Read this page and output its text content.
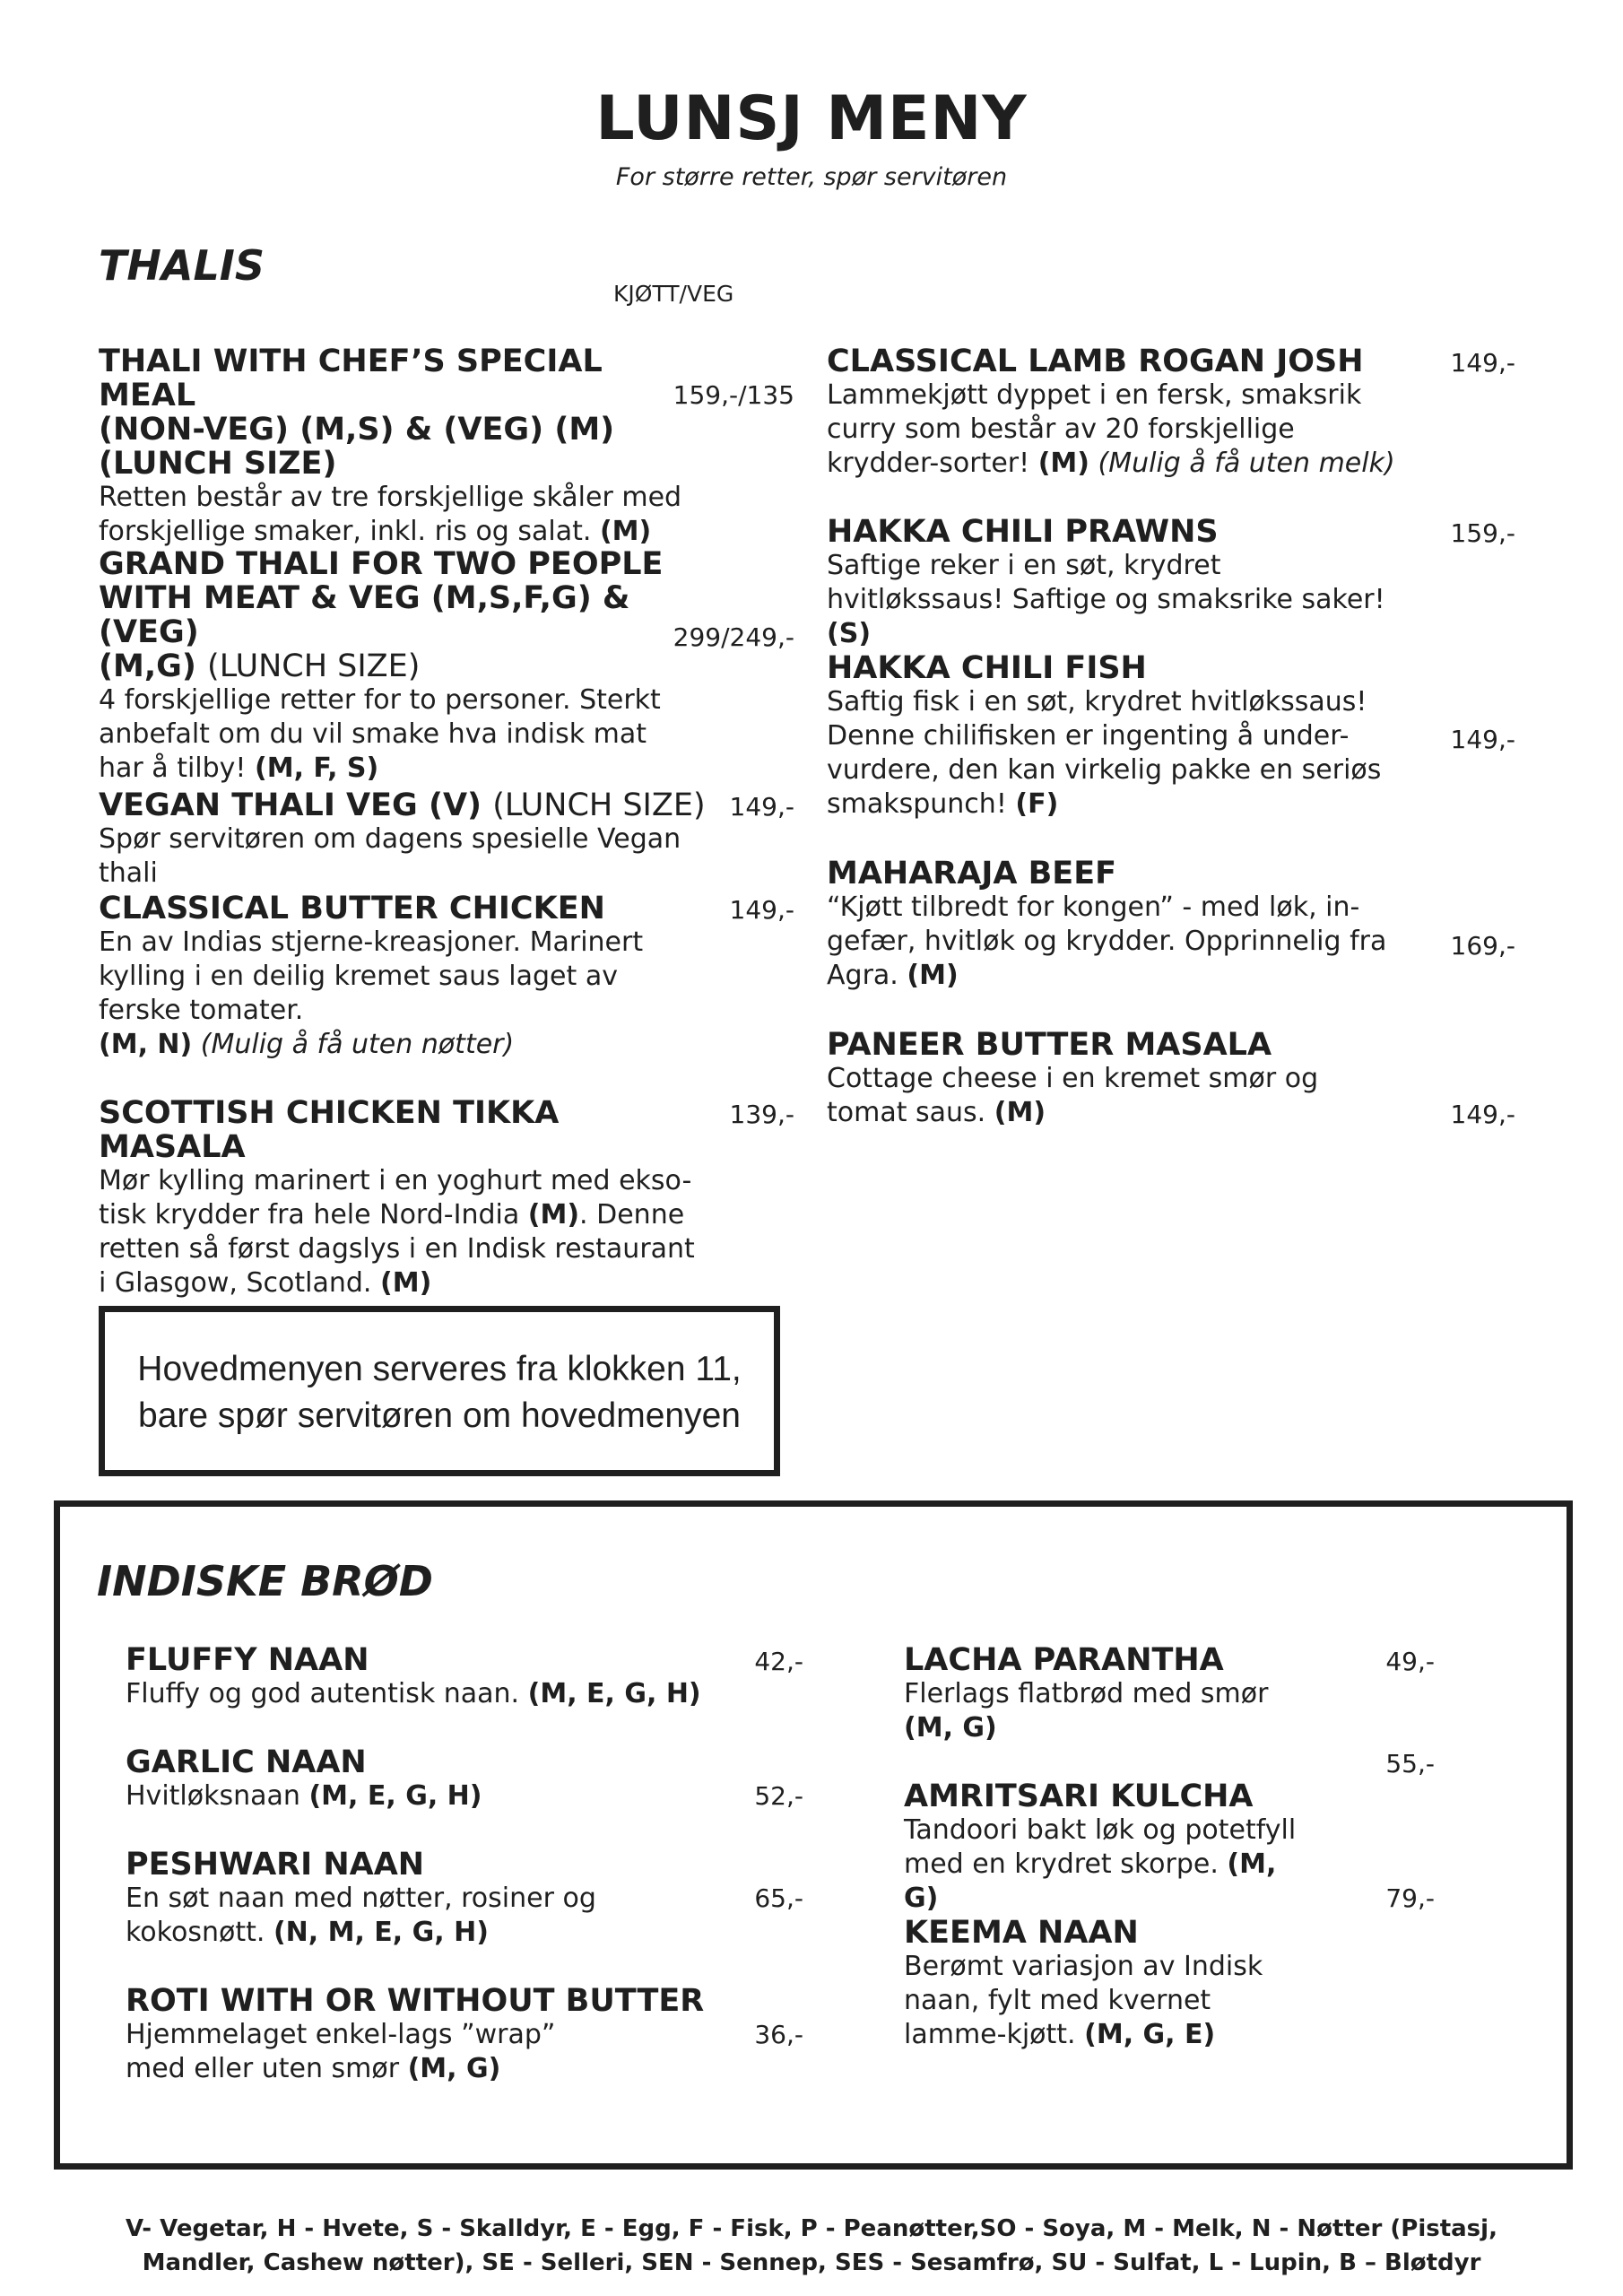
LUNSJ MENY
For større retter, spør servitøren
THALIS
KJØTT/VEG
THALI WITH CHEF’S SPECIAL MEAL
(NON-VEG) (M,S) & (VEG) (M)
(LUNCH SIZE)
Retten består av tre forskjellige skåler med forskjellige smaker, inkl. ris og salat. (M)
159,-/135
GRAND THALI FOR TWO PEOPLE
WITH MEAT & VEG (M,S,F,G) & (VEG)
(M,G) (LUNCH SIZE)
4 forskjellige retter for to personer. Sterkt anbefalt om du vil smake hva indisk mat har å tilby! (M, F, S)
299/249,-
VEGAN THALI VEG (V) (LUNCH SIZE)
Spør servitøren om dagens spesielle Vegan thali
149,-
CLASSICAL BUTTER CHICKEN
En av Indias stjerne-kreasjoner. Marinert kylling i en deilig kremet saus laget av ferske tomater.
(M, N) (Mulig å få uten nøtter)
149,-
SCOTTISH CHICKEN TIKKA MASALA
Mør kylling marinert i en yoghurt med ekso-tisk krydder fra hele Nord-India (M). Denne retten så først dagslys i en Indisk restaurant i Glasgow, Scotland. (M)
139,-
CLASSICAL LAMB ROGAN JOSH
Lammekjøtt dyppet i en fersk, smaksrik curry som består av 20 forskjellige krydder-sorter! (M) (Mulig å få uten melk)
149,-
HAKKA CHILI PRAWNS
Saftige reker i en søt, krydret hvitløkssaus! Saftige og smaksrike saker! (S)
159,-
HAKKA CHILI FISH
Saftig fisk i en søt, krydret hvitløkssaus! Denne chilifisken er ingenting å under-vurdere, den kan virkelig pakke en seriøs smakspunch! (F)
149,-
MAHARAJA BEEF
“Kjøtt tilbredt for kongen” - med løk, in-gefær, hvitløk og krydder. Opprinnelig fra Agra. (M)
169,-
PANEER BUTTER MASALA
Cottage cheese i en kremet smør og tomat saus. (M)	149,-
Hovedmenyen serveres fra klokken 11,
bare spør servitøren om hovedmenyen
INDISKE BRØD
FLUFFY NAAN
Fluffy og god autentisk naan. (M, E, G, H)
42,-
GARLIC NAAN
Hvitløksnaan (M, E, G, H)	52,-
PESHWARI NAAN
En søt naan med nøtter, rosiner og kokosnøtt. (N, M, E, G, H)
65,-
ROTI WITH OR WITHOUT BUTTER
Hjemmelaget enkel-lags ”wrap” med eller uten smør (M, G)
36,-
LACHA PARANTHA
Flerlags flatbrød med smør
(M, G)
49,-
AMRITSARI KULCHA
Tandoori bakt løk og potetfyll med en krydret skorpe. (M, G)
55,-
KEEMA NAAN
Berømt variasjon av Indisk naan, fylt med kvernet lamme-kjøtt. (M, G, E)
79,-
V- Vegetar, H - Hvete, S - Skalldyr, E - Egg, F - Fisk, P - Peanøtter,SO - Soya, M - Melk, N - Nøtter (Pistasj,
Mandler, Cashew nøtter), SE - Selleri, SEN - Sennep, SES - Sesamfrø, SU - Sulfat, L - Lupin, B – Bløtdyr
